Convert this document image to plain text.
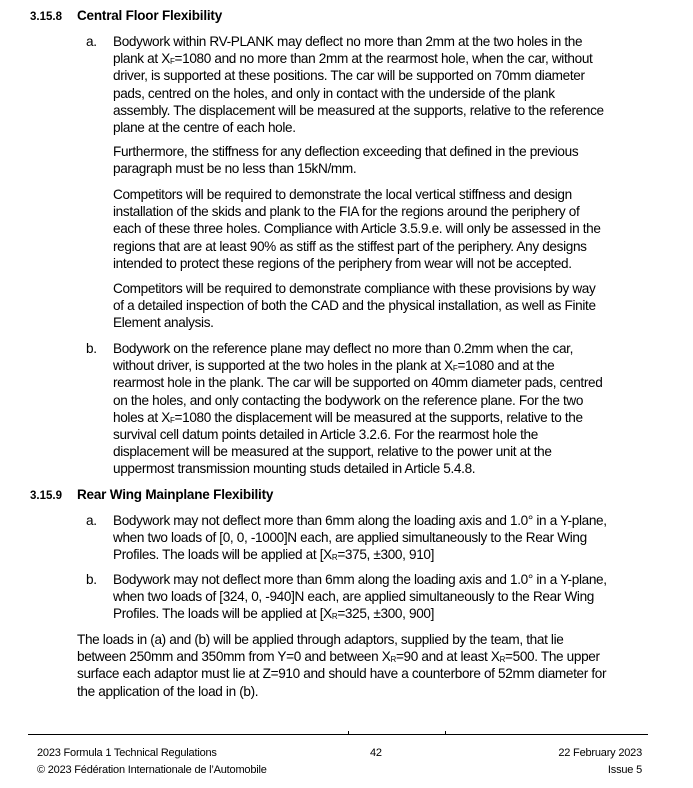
3.15.8 Central Floor Flexibility
a. Bodywork within RV-PLANK may deflect no more than 2mm at the two holes in the
plank at $X_F=1080$ and no more than 2mm at the rearmost hole, when the car, without
driver, is supported at these positions. The car will be supported on 70mm diameter
pads, centred on the holes, and only in contact with the underside of the plank
assembly. The displacement will be measured at the supports, relative to the reference
plane at the centre of each hole.
Furthermore, the stiffness for any deflection exceeding that defined in the previous
paragraph must be no less than 15kN/mm.
Competitors will be required to demonstrate the local vertical stiffness and design
installation of the skids and plank to the FIA for the regions around the periphery of
each of these three holes. Compliance with Article 3.5.9.e. will only be assessed in the
regions that are at least 90% as stiff as the stiffest part of the periphery. Any designs
intended to protect these regions of the periphery from wear will not be accepted.
Competitors will be required to demonstrate compliance with these provisions by way
of a detailed inspection of both the CAD and the physical installation, as well as Finite
Element analysis.
b. Bodywork on the reference plane may deflect no more than 0.2mm when the car,
without driver, is supported at the two holes in the plank at $X_F=1080$ and at the
rearmost hole in the plank. The car will be supported on 40mm diameter pads, centred
on the holes, and only contacting the bodywork on the reference plane. For the two
holes at $X_F=1080$ the displacement will be measured at the supports, relative to the
survival cell datum points detailed in Article 3.2.6. For the rearmost hole the
displacement will be measured at the support, relative to the power unit at the
uppermost transmission mounting studs detailed in Article 5.4.8.
3.15.9 Rear Wing Mainplane Flexibility
a. Bodywork may not deflect more than 6mm along the loading axis and 1.0° in a Y-plane,
when two loads of [0, 0, -1000]N each, are applied simultaneously to the Rear Wing
Profiles. The loads will be applied at [$X_R=375$, ±300, 910]
b. Bodywork may not deflect more than 6mm along the loading axis and 1.0° in a Y-plane,
when two loads of [324, 0, -940]N each, are applied simultaneously to the Rear Wing
Profiles. The loads will be applied at [$X_R=325$, ±300, 900]
The loads in (a) and (b) will be applied through adaptors, supplied by the team, that lie
between 250mm and 350mm from Y=0 and between $X_R=90$ and at least $X_R=500$. The upper
surface each adaptor must lie at Z=910 and should have a counterbore of 52mm diameter for
the application of the load in (b).
2023 Formula 1 Technical Regulations
© 2023 Fédération Internationale de l’Automobile
42	22 February 2023
Issue 5
